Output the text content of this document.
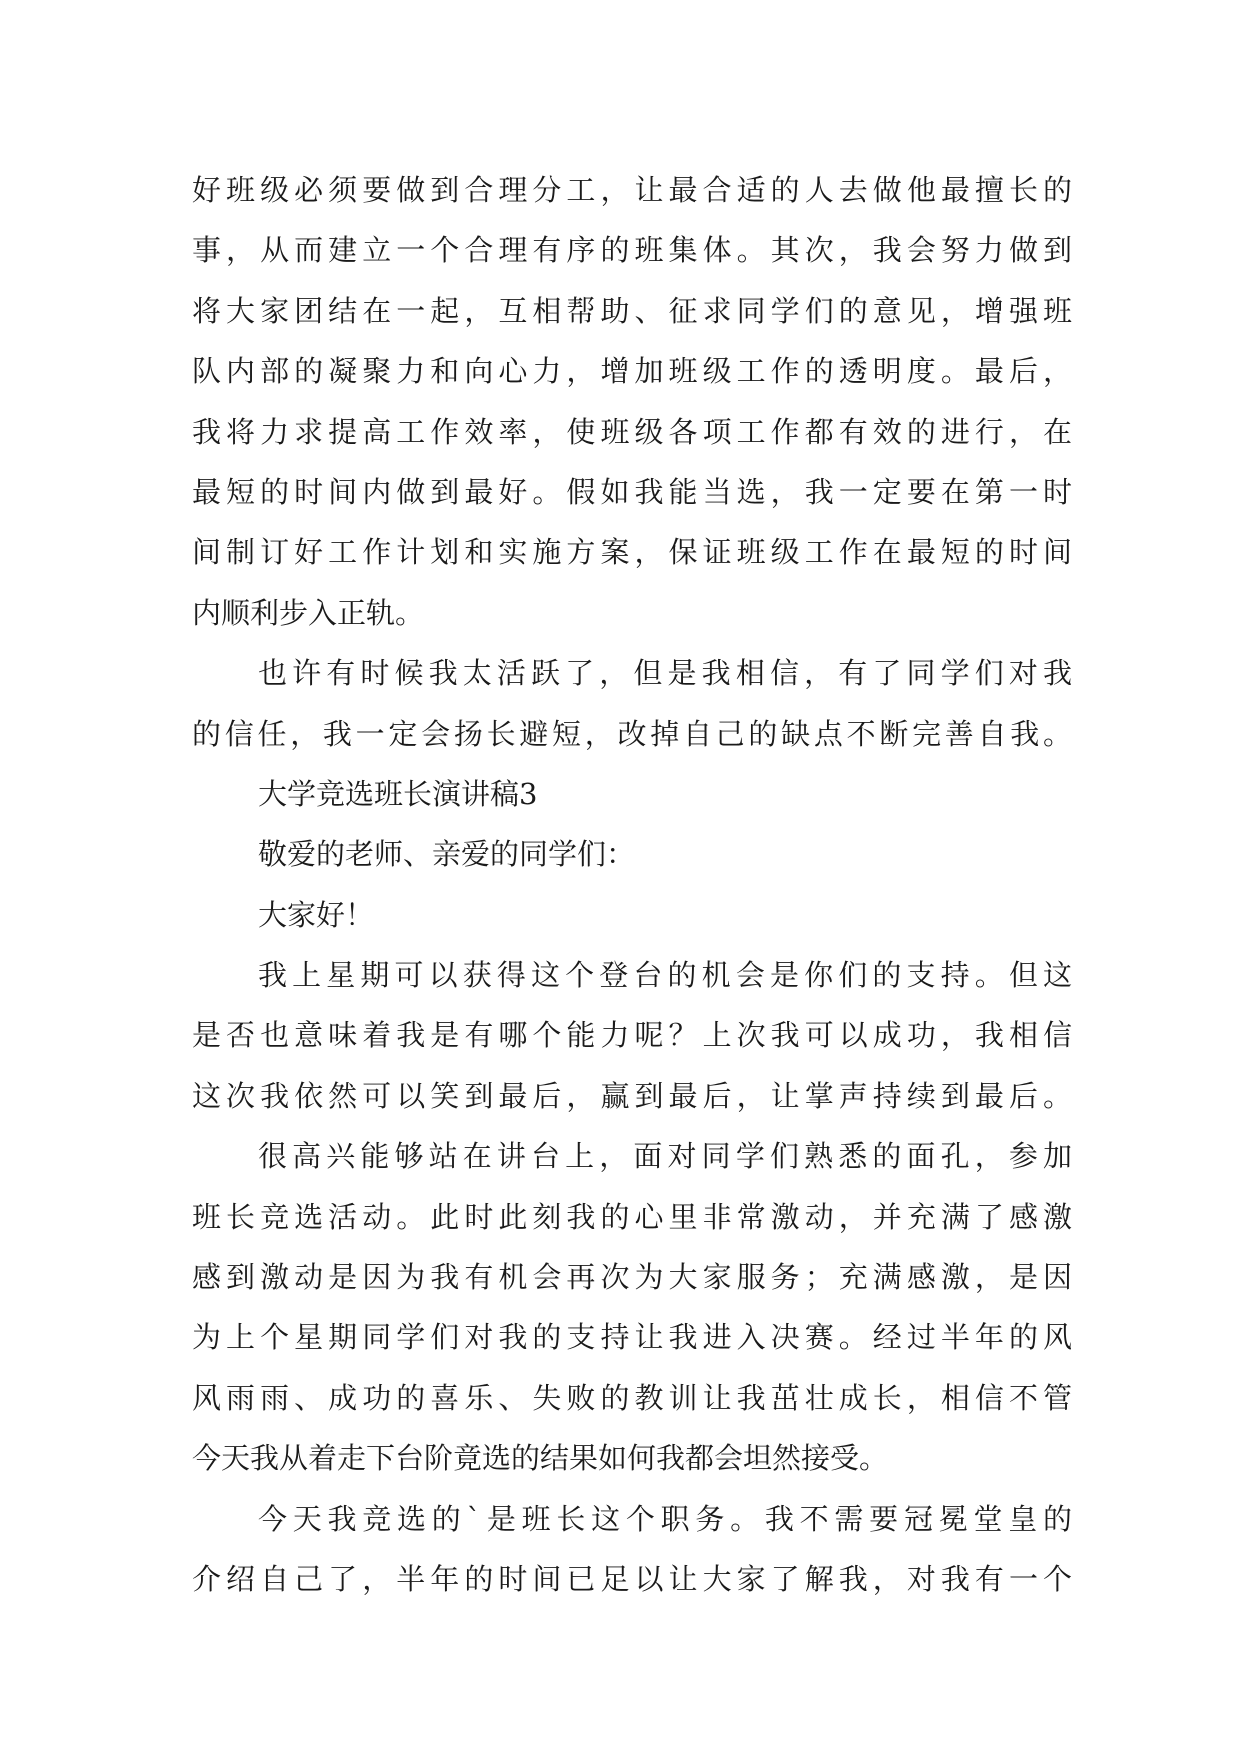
好班级必须要做到合理分工，让最合适的人去做他最擅长的
事，从而建立一个合理有序的班集体。其次，我会努力做到
将大家团结在一起，互相帮助、征求同学们的意见，增强班
队内部的凝聚力和向心力，增加班级工作的透明度。最后，
我将力求提高工作效率，使班级各项工作都有效的进行，在
最短的时间内做到最好。假如我能当选，我一定要在第一时
间制订好工作计划和实施方案，保证班级工作在最短的时间
内顺利步入正轨。
也许有时候我太活跃了，但是我相信，有了同学们对我
的信任，我一定会扬长避短，改掉自己的缺点不断完善自我。
大学竞选班长演讲稿3
敬爱的老师、亲爱的同学们：
大家好！
我上星期可以获得这个登台的机会是你们的支持。但这
是否也意味着我是有哪个能力呢？上次我可以成功，我相信
这次我依然可以笑到最后，赢到最后，让掌声持续到最后。
很高兴能够站在讲台上，面对同学们熟悉的面孔，参加
班长竞选活动。此时此刻我的心里非常激动，并充满了感激
感到激动是因为我有机会再次为大家服务；充满感激，是因
为上个星期同学们对我的支持让我进入决赛。经过半年的风
风雨雨、成功的喜乐、失败的教训让我茁壮成长，相信不管
今天我从着走下台阶竟选的结果如何我都会坦然接受。
今天我竞选的`是班长这个职务。我不需要冠冕堂皇的
介绍自己了，半年的时间已足以让大家了解我，对我有一个
